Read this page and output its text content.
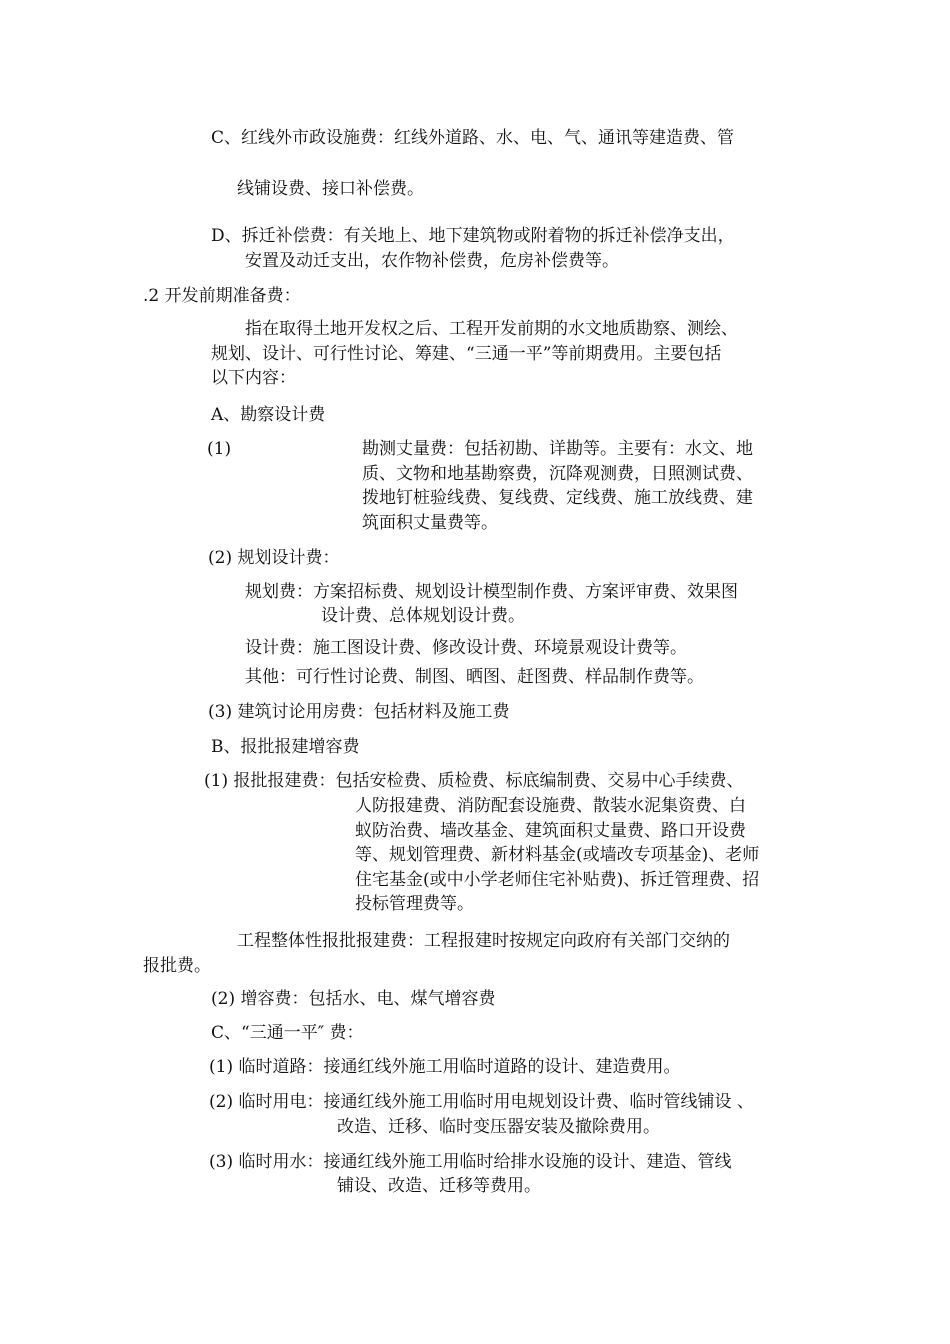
C、红线外市政设施费：红线外道路、水、电、气、通讯等建造费、管

线铺设费、接口补偿费。

D、拆迁补偿费：有关地上、地下建筑物或附着物的拆迁补偿净支出，

安置及动迁支出，农作物补偿费，危房补偿费等。

.2 开发前期准备费：

指在取得土地开发权之后、工程开发前期的水文地质勘察、测绘、
规划、设计、可行性讨论、筹建、“三通一平”等前期费用。主要包括
以下内容：

A、勘察设计费

(1)	勘测丈量费：包括初勘、详勘等。主要有：水文、地
质、文物和地基勘察费，沉降观测费，日照测试费、
拨地钉桩验线费、复线费、定线费、施工放线费、建
筑面积丈量费等。

(2) 规划设计费：

规划费：方案招标费、规划设计模型制作费、方案评审费、效果图

设计费、总体规划设计费。

设计费：施工图设计费、修改设计费、环境景观设计费等。

其他：可行性讨论费、制图、晒图、赶图费、样品制作费等。

(3) 建筑讨论用房费：包括材料及施工费

B、报批报建增容费

(1) 报批报建费：包括安检费、质检费、标底编制费、交易中心手续费、

人防报建费、消防配套设施费、散装水泥集资费、白
蚁防治费、墙改基金、建筑面积丈量费、路口开设费
等、规划管理费、新材料基金(或墙改专项基金)、老师
住宅基金(或中小学老师住宅补贴费)、拆迁管理费、招
投标管理费等。

工程整体性报批报建费：工程报建时按规定向政府有关部门交纳的

报批费。

(2) 增容费：包括水、电、煤气增容费

C、“三通一平″ 费：

(1) 临时道路：接通红线外施工用临时道路的设计、建造费用。

(2) 临时用电：接通红线外施工用临时用电规划设计费、临时管线铺设 、

改造、迁移、临时变压器安装及撤除费用。

(3) 临时用水：接通红线外施工用临时给排水设施的设计、建造、管线

铺设、改造、迁移等费用。
